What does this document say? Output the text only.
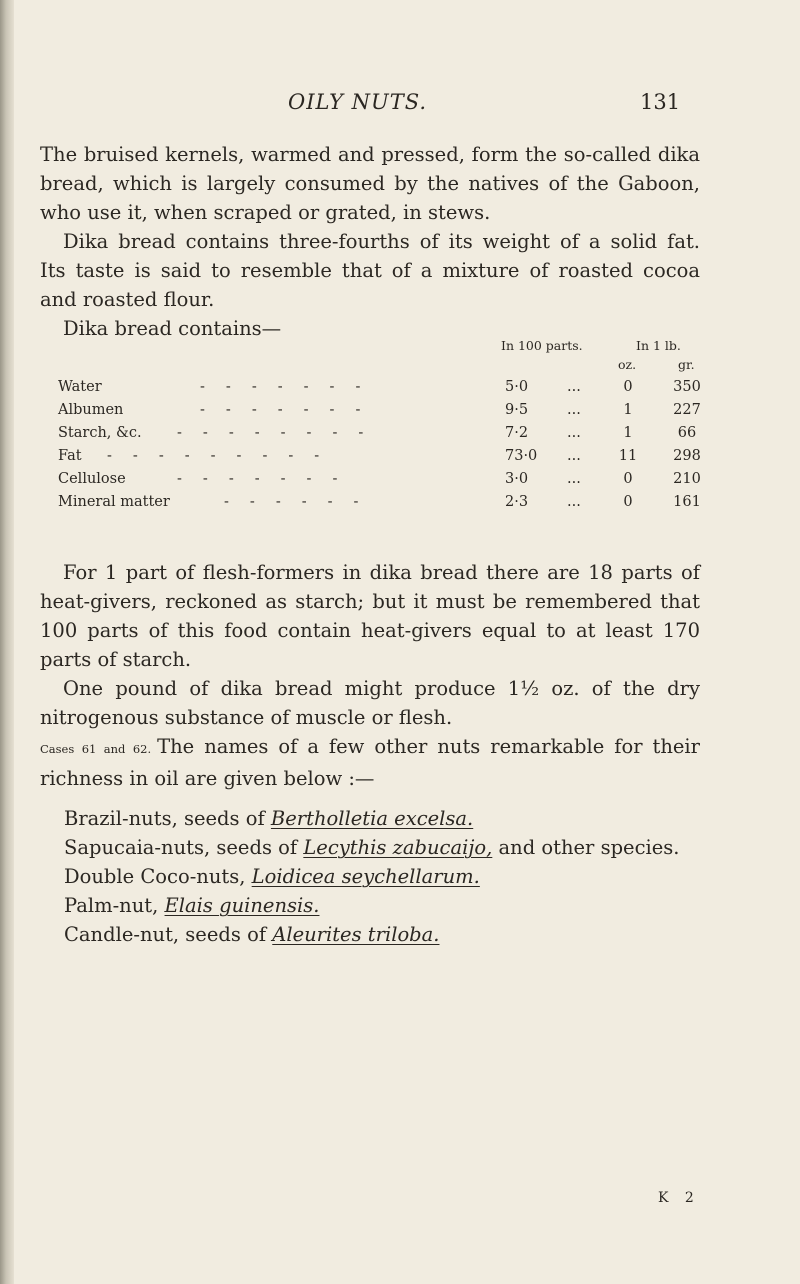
OILY NUTS.	131
The bruised kernels, warmed and pressed, form the so-called dika
bread, which is largely consumed by the natives of the Gaboon,
who use it, when scraped or grated, in stews.
Dika bread contains three-fourths of its weight of a solid fat.
Its taste is said to resemble that of a mixture of roasted cocoa
and roasted flour.
Dika bread contains—
In 100 parts.	In 1 lb.
oz.	gr.
Water	- - - - - - -	5·0	...	0	350
Albumen	- - - - - - -	9·5	...	1	227
Starch, &c. - - - - - - - -	7·2	...	1	66
Fat - - - - - - - - -	73·0	...	11	298
Cellulose	- - - - - - -	3·0	...	0	210
Mineral matter	- - - - - -	2·3	...	0	161
For 1 part of flesh-formers in dika bread there are 18 parts of
heat-givers, reckoned as starch; but it must be remembered that
100 parts of this food contain heat-givers equal to at least 170
parts of starch.
One pound of dika bread might produce 1½ oz. of the dry
nitrogenous substance of muscle or flesh.
Cases 61 and 62. The names of a few other nuts remarkable for their
richness in oil are given below :—
Brazil-nuts, seeds of Bertholletia excelsa.
Sapucaia-nuts, seeds of Lecythis zabucaijo, and other species.
Double Coco-nuts, Loidicea seychellarum.
Palm-nut, Elais guinensis.
Candle-nut, seeds of Aleurites triloba.
K 2
